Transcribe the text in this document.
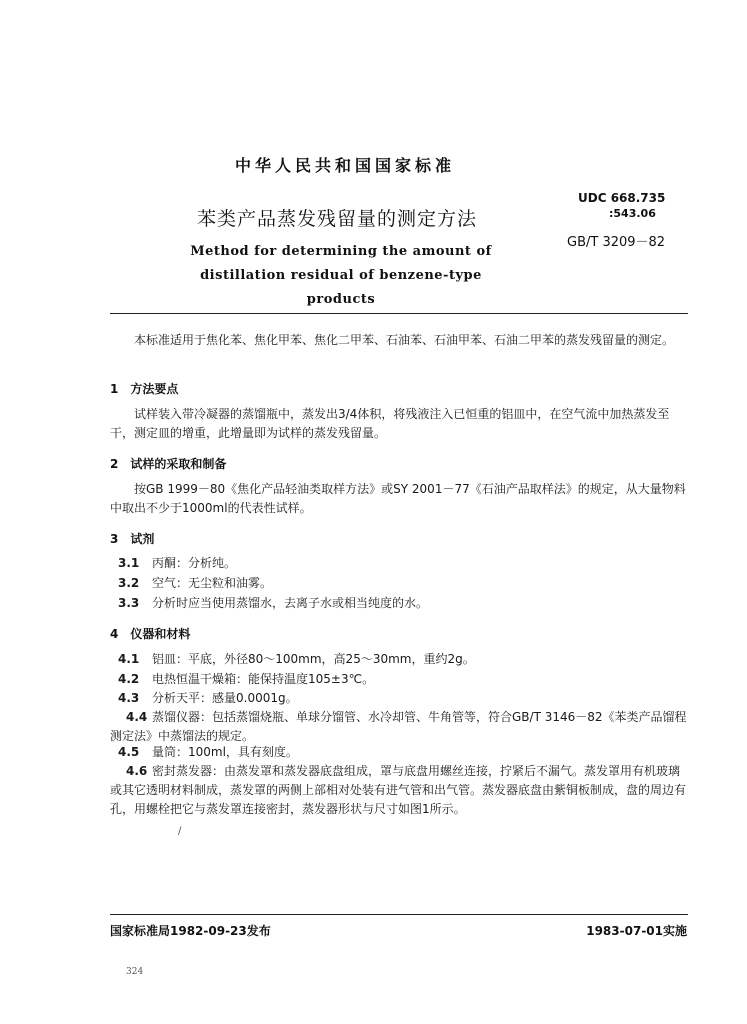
中华人民共和国国家标准
苯类产品蒸发残留量的测定方法
Method for determining the amount of distillation residual of benzene-type products
UDC 668.735
:543.06
GB/T 3209－82
本标准适用于焦化苯、焦化甲苯、焦化二甲苯、石油苯、石油甲苯、石油二甲苯的蒸发残留量的测定。
1　方法要点
试样装入带冷凝器的蒸馏瓶中，蒸发出3/4体积，将残液注入已恒重的铝皿中，在空气流中加热蒸发至干，测定皿的增重，此增量即为试样的蒸发残留量。
2　试样的采取和制备
按GB 1999－80《焦化产品轻油类取样方法》或SY 2001－77《石油产品取样法》的规定，从大量物料中取出不少于1000ml的代表性试样。
3　试剂
3.1 丙酮：分析纯。
3.2 空气：无尘粒和油雾。
3.3 分析时应当使用蒸馏水，去离子水或相当纯度的水。
4　仪器和材料
4.1 铝皿：平底，外径80～100mm，高25～30mm，重约2g。
4.2 电热恒温干燥箱：能保持温度105±3℃。
4.3 分析天平：感量0.0001g。
4.4 蒸馏仪器：包括蒸馏烧瓶、单球分馏管、水冷却管、牛角管等，符合GB/T 3146－82《苯类产品馏程测定法》中蒸馏法的规定。
4.5 量筒：100ml，具有刻度。
4.6 密封蒸发器：由蒸发罩和蒸发器底盘组成，罩与底盘用螺丝连接，拧紧后不漏气。蒸发罩用有机玻璃或其它透明材料制成，蒸发罩的两侧上部相对处装有进气管和出气管。蒸发器底盘由紫铜板制成，盘的周边有孔，用螺栓把它与蒸发罩连接密封，蒸发器形状与尺寸如图1所示。
/
国家标准局1982-09-23发布	1983-07-01实施
324
